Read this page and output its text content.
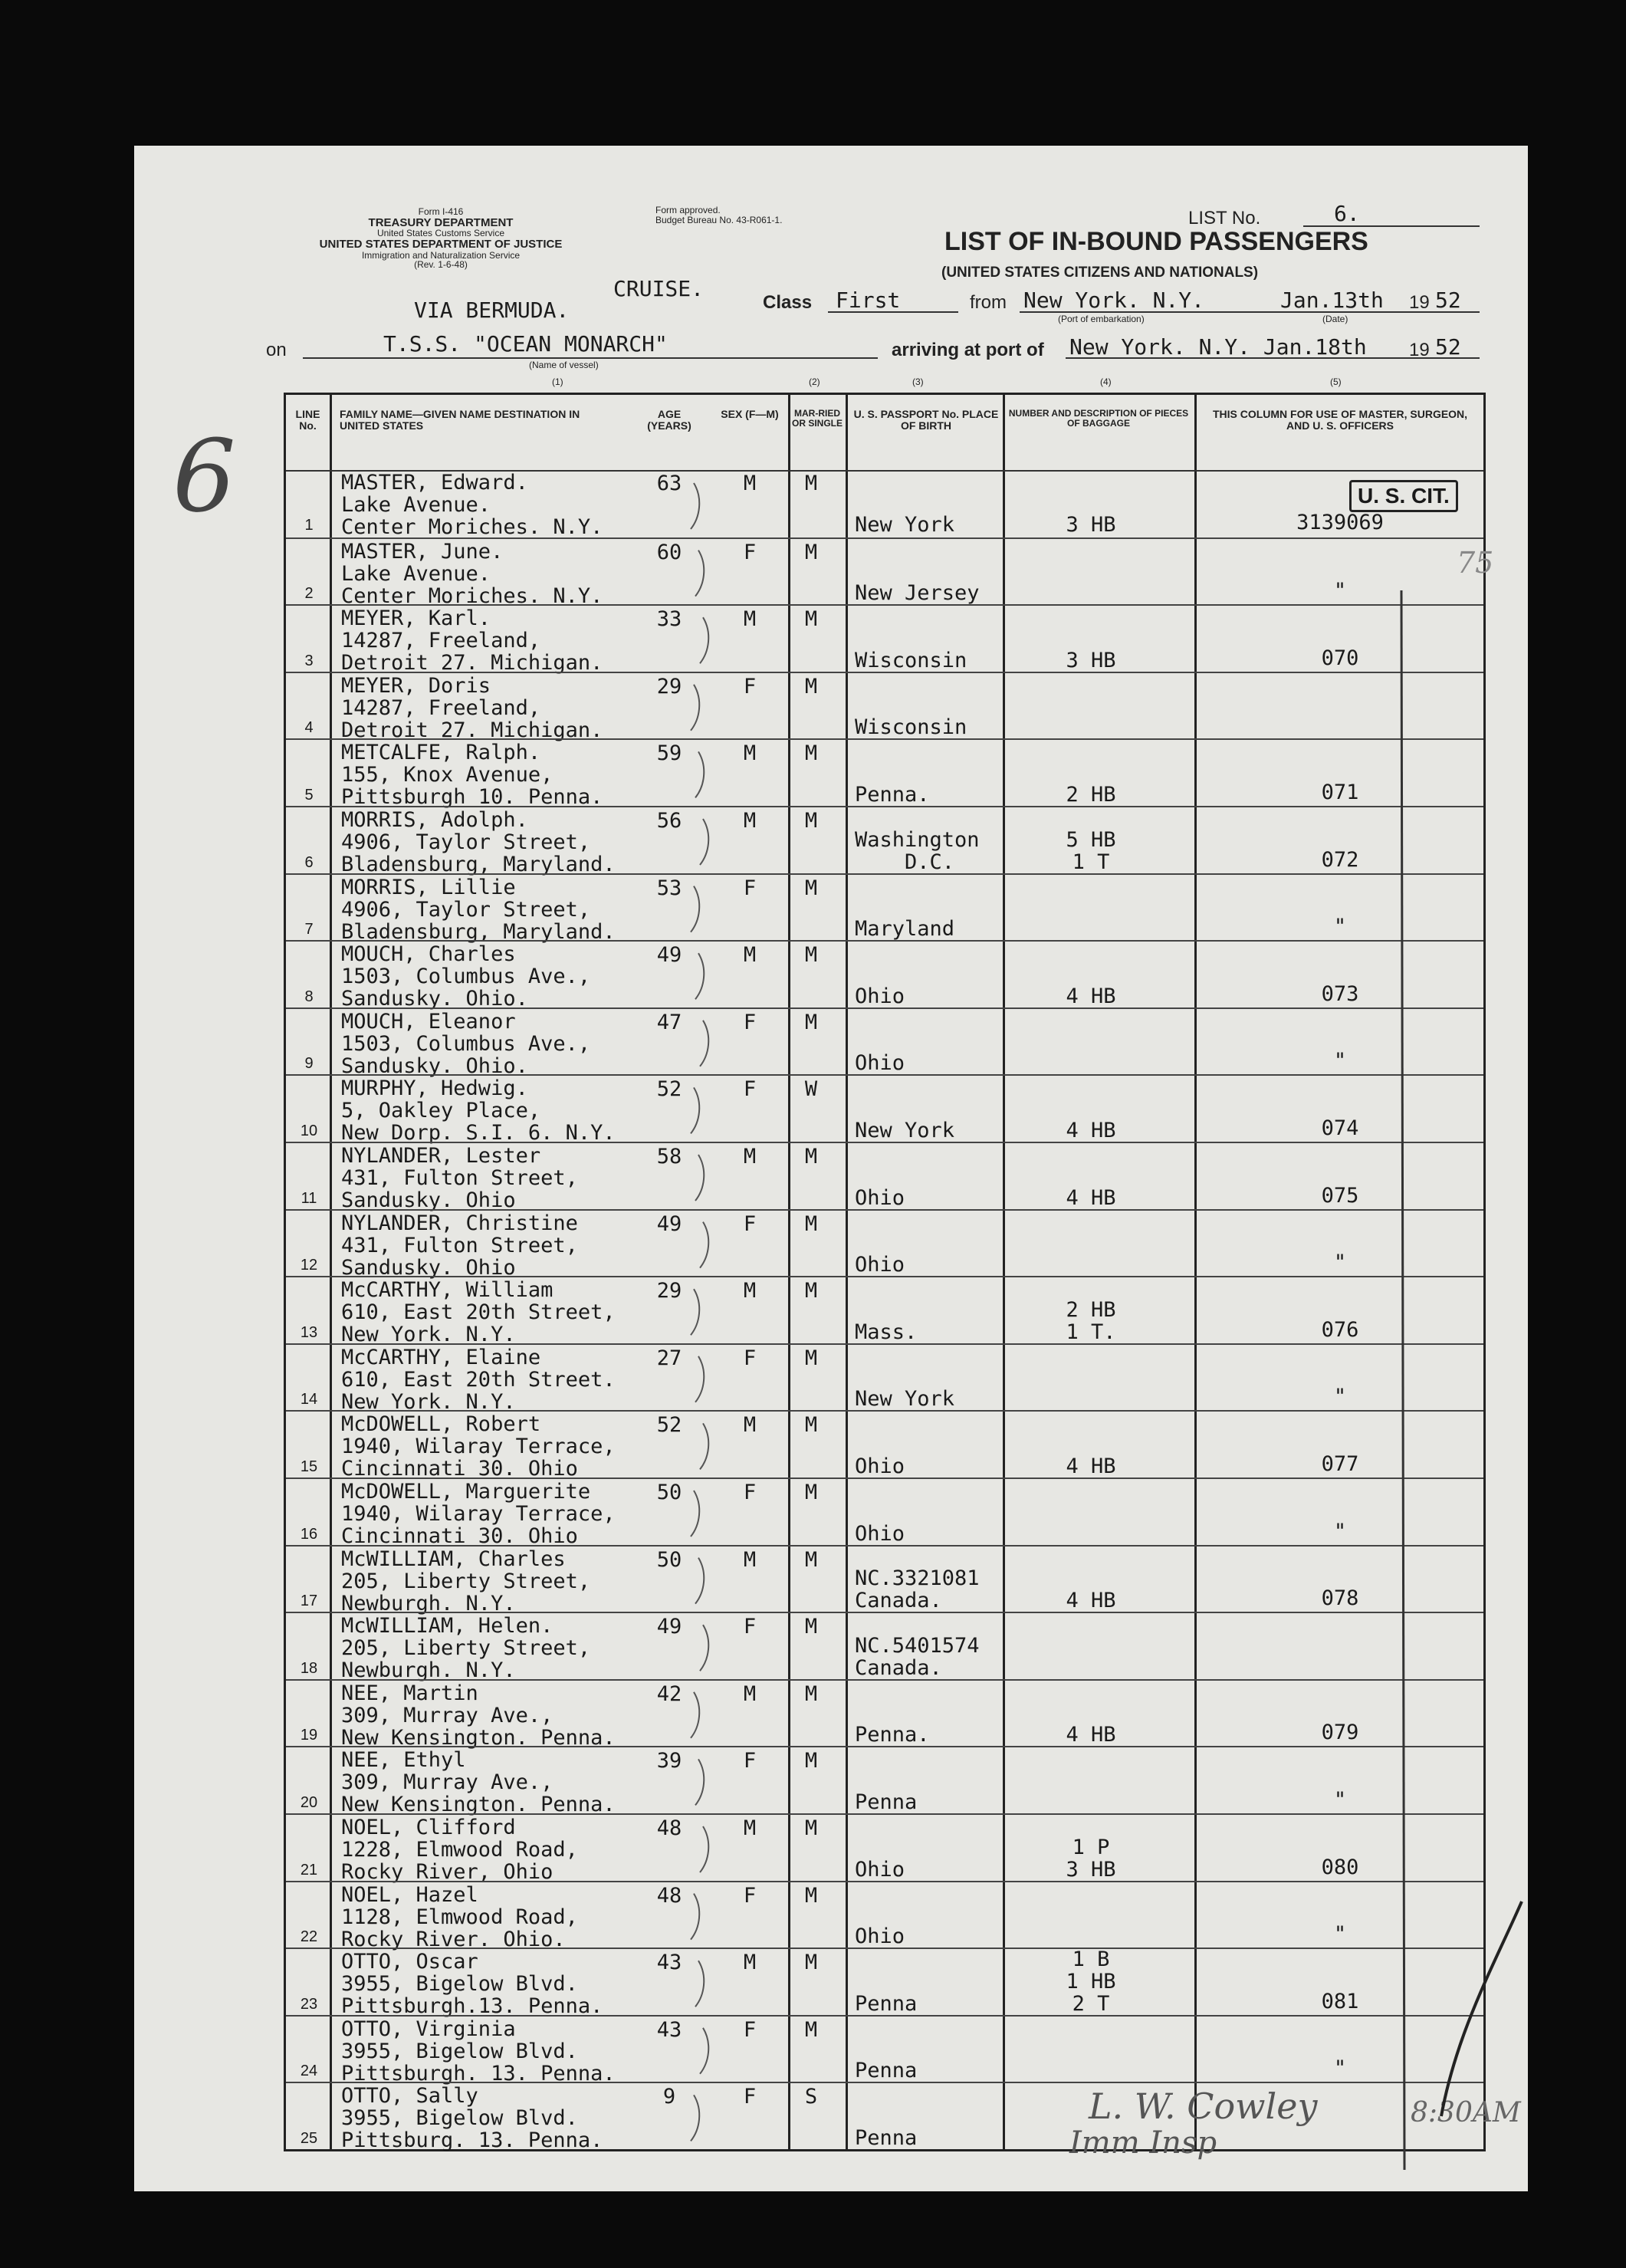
Form I-416
TREASURY DEPARTMENT
United States Customs Service
UNITED STATES DEPARTMENT OF JUSTICE
Immigration and Naturalization Service
(Rev. 1-6-48)
Form approved.
Budget Bureau No. 43-R061-1.
LIST OF IN-BOUND PASSENGERS
(UNITED STATES CITIZENS AND NATIONALS)
LIST No.	6.
CRUISE.
VIA BERMUDA.	Class First	from New York. N.Y.	Jan.13th 19 52
(Port of embarkation)	(Date)
on	T.S.S. "OCEAN MONARCH"
(Name of vessel)
arriving at port of New York. N.Y. Jan.18th 19 52
(1)	(2)	(3)	(4)	(5)
LINE No.
FAMILY NAME—GIVEN NAME DESTINATION IN UNITED STATES
AGE (YEARS)
SEX (F—M)	MAR-RIED OR SINGLE
U. S. PASSPORT No. PLACE OF BIRTH
NUMBER AND DESCRIPTION OF PIECES OF BAGGAGE
THIS COLUMN FOR USE OF MASTER, SURGEON, AND U. S. OFFICERS
1
MASTER, Edward.
Lake Avenue.
Center Moriches. N.Y.
63	M	M
New York	3 HB	3139069
2
MASTER, June.
Lake Avenue.
Center Moriches. N.Y.
60	F	M
New Jersey	"
3
MEYER, Karl.
14287, Freeland,
Detroit 27. Michigan.
33	M	M
Wisconsin	3 HB	070
4
MEYER, Doris
14287, Freeland,
Detroit 27. Michigan.
29	F	M
Wisconsin
5
METCALFE, Ralph.
155, Knox Avenue,
Pittsburgh 10. Penna.
59	M	M
Penna.	2 HB	071
6
MORRIS, Adolph.
4906, Taylor Street,
Bladensburg, Maryland.
56	M	M
Washington
D.C.
5 HB
1 T	072
7
MORRIS, Lillie
4906, Taylor Street,
Bladensburg, Maryland.
53	F	M
Maryland	"
8
MOUCH, Charles
1503, Columbus Ave.,
Sandusky. Ohio.
49	M	M
Ohio	4 HB	073
9
MOUCH, Eleanor
1503, Columbus Ave.,
Sandusky. Ohio.
47	F	M
Ohio	"
10
MURPHY, Hedwig.
5, Oakley Place,
New Dorp. S.I. 6. N.Y.
52	F	W
New York	4 HB	074
11
NYLANDER, Lester
431, Fulton Street,
Sandusky. Ohio
58	M	M
Ohio	4 HB	075
12
NYLANDER, Christine
431, Fulton Street,
Sandusky. Ohio
49	F	M
Ohio	"
13
McCARTHY, William
610, East 20th Street,
New York. N.Y.
29	M	M
Mass.
2 HB
1 T.	076
14
McCARTHY, Elaine
610, East 20th Street.
New York. N.Y.
27	F	M
New York	"
15
McDOWELL, Robert
1940, Wilaray Terrace,
Cincinnati 30. Ohio
52	M	M
Ohio	4 HB	077
16
McDOWELL, Marguerite
1940, Wilaray Terrace,
Cincinnati 30. Ohio
50	F	M
Ohio	"
17
McWILLIAM, Charles
205, Liberty Street,
Newburgh. N.Y.
50	M	M
NC.3321081
Canada.	4 HB	078
18
McWILLIAM, Helen.
205, Liberty Street,
Newburgh. N.Y.
49	F	M
NC.5401574
Canada.
19
NEE, Martin
309, Murray Ave.,
New Kensington. Penna.
42	M	M
Penna.	4 HB	079
20
NEE, Ethyl
309, Murray Ave.,
New Kensington. Penna.
39	F	M
Penna	"
21
NOEL, Clifford
1228, Elmwood Road,
Rocky River, Ohio
48	M	M
Ohio
1 P
3 HB	080
22
NOEL, Hazel
1128, Elmwood Road,
Rocky River. Ohio.
48	F	M
Ohio	"
23
OTTO, Oscar
3955, Bigelow Blvd.
Pittsburgh.13. Penna.
43	M	M
Penna
1 B
1 HB
2 T	081
24
OTTO, Virginia
3955, Bigelow Blvd.
Pittsburgh. 13. Penna.
43	F	M
Penna	"
25
OTTO, Sally
3955, Bigelow Blvd.
Pittsburg. 13. Penna.
9	F	S
Penna
U. S. CIT.
6
75
L. W. Cowley
Imm Insp
8:30AM
